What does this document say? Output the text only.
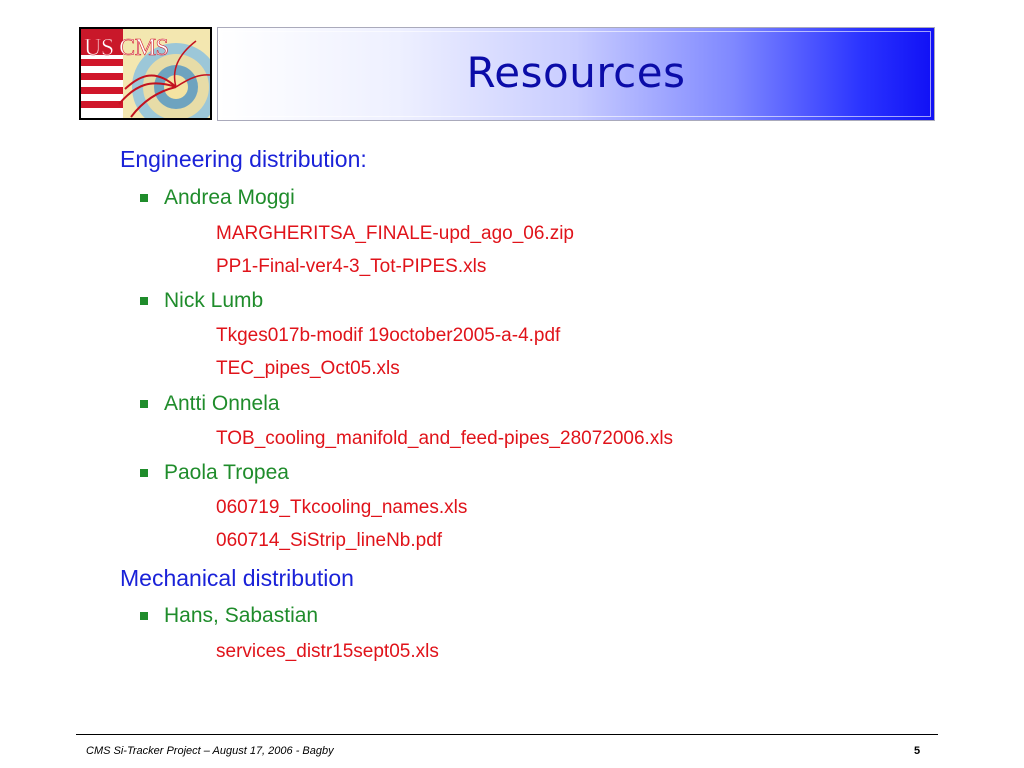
US CMS	Resources
Engineering distribution:
Andrea Moggi
MARGHERITSA_FINALE-upd_ago_06.zip
PP1-Final-ver4-3_Tot-PIPES.xls
Nick Lumb
Tkges017b-modif 19october2005-a-4.pdf
TEC_pipes_Oct05.xls
Antti Onnela
TOB_cooling_manifold_and_feed-pipes_28072006.xls
Paola Tropea
060719_Tkcooling_names.xls
060714_SiStrip_lineNb.pdf
Mechanical distribution
Hans, Sabastian
services_distr15sept05.xls
CMS Si-Tracker Project – August 17, 2006 - Bagby	5
